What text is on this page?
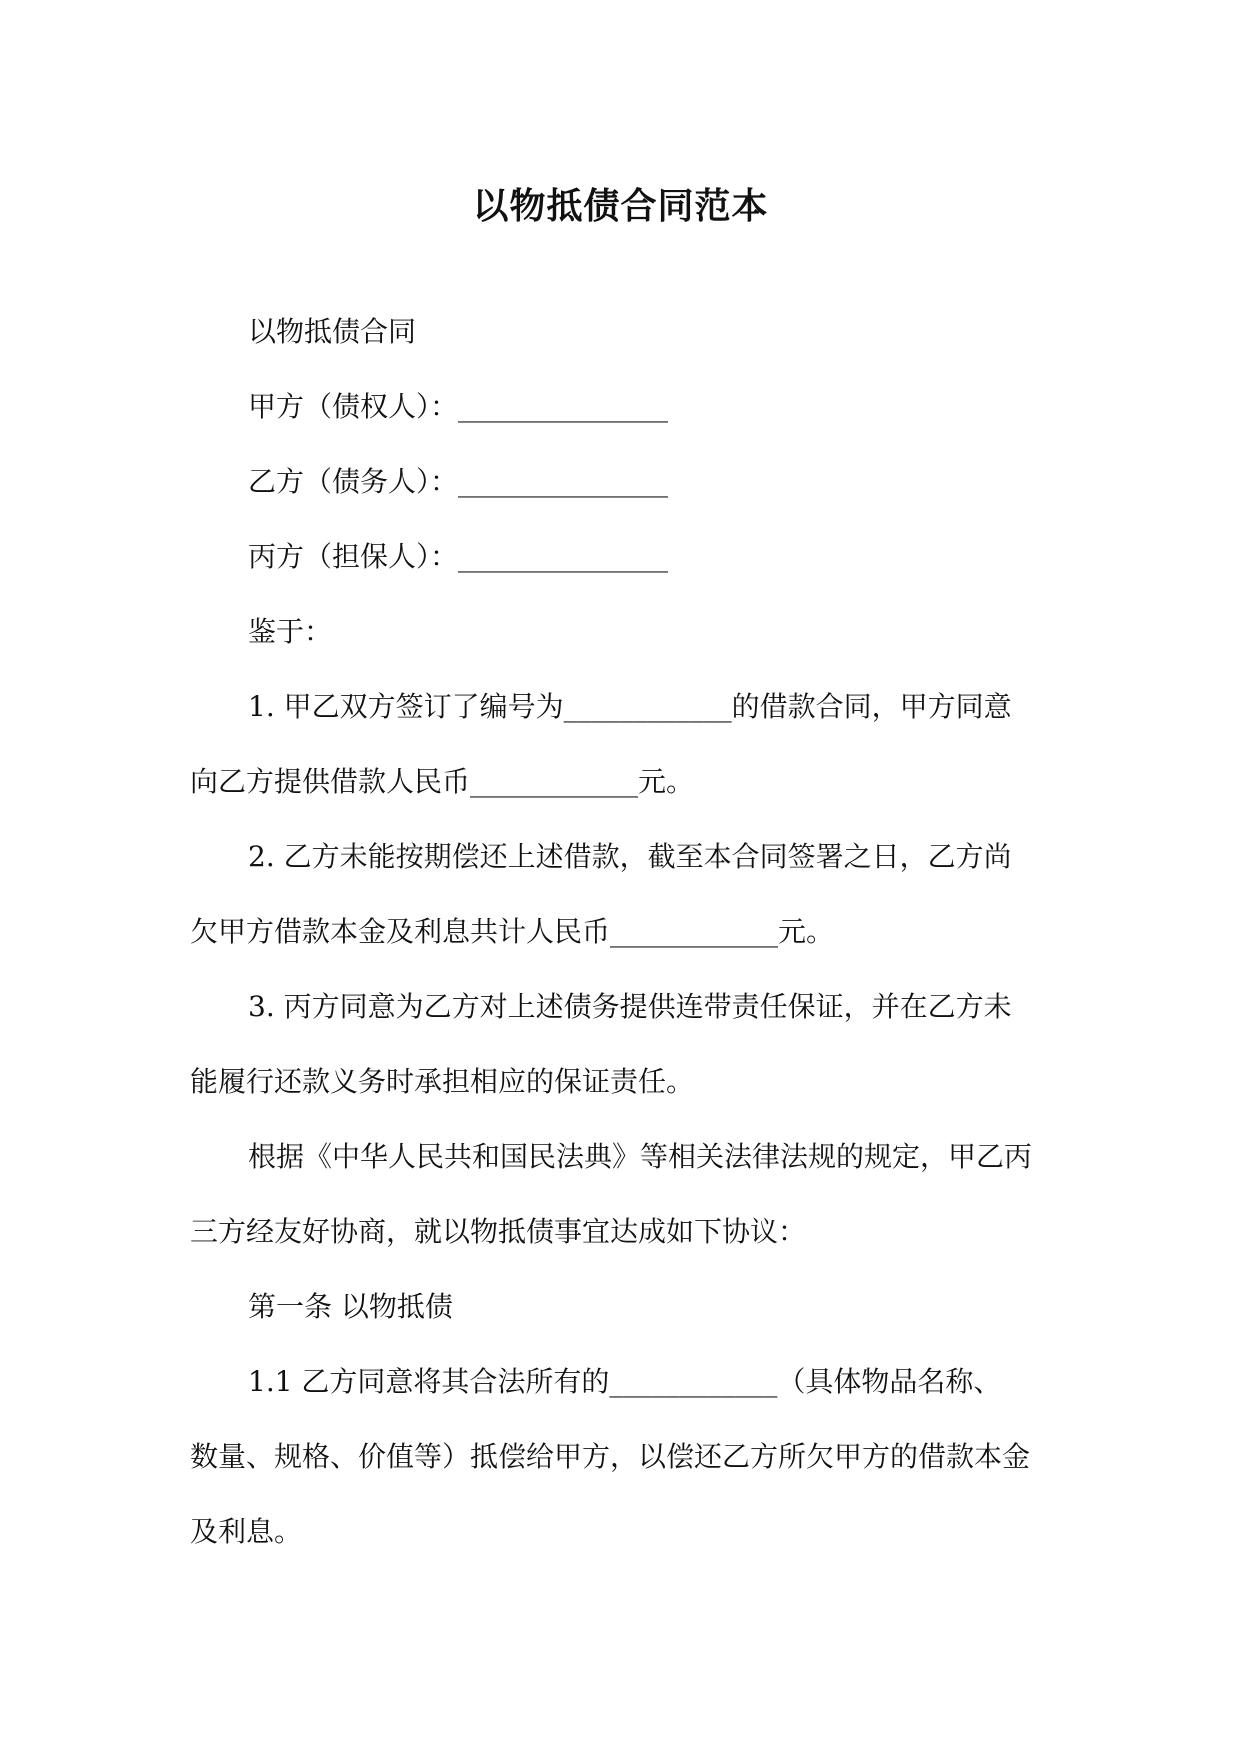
以物抵债合同范本

以物抵债合同

甲方（债权人）：_______________

乙方（债务人）：_______________

丙方（担保人）：_______________

鉴于：

1. 甲乙双方签订了编号为____________的借款合同，甲方同意

向乙方提供借款人民币____________元。

2. 乙方未能按期偿还上述借款，截至本合同签署之日，乙方尚

欠甲方借款本金及利息共计人民币____________元。

3. 丙方同意为乙方对上述债务提供连带责任保证，并在乙方未

能履行还款义务时承担相应的保证责任。

根据《中华人民共和国民法典》等相关法律法规的规定，甲乙丙

三方经友好协商，就以物抵债事宜达成如下协议：

第一条 以物抵债

1.1 乙方同意将其合法所有的____________（具体物品名称、

数量、规格、价值等）抵偿给甲方，以偿还乙方所欠甲方的借款本金

及利息。
